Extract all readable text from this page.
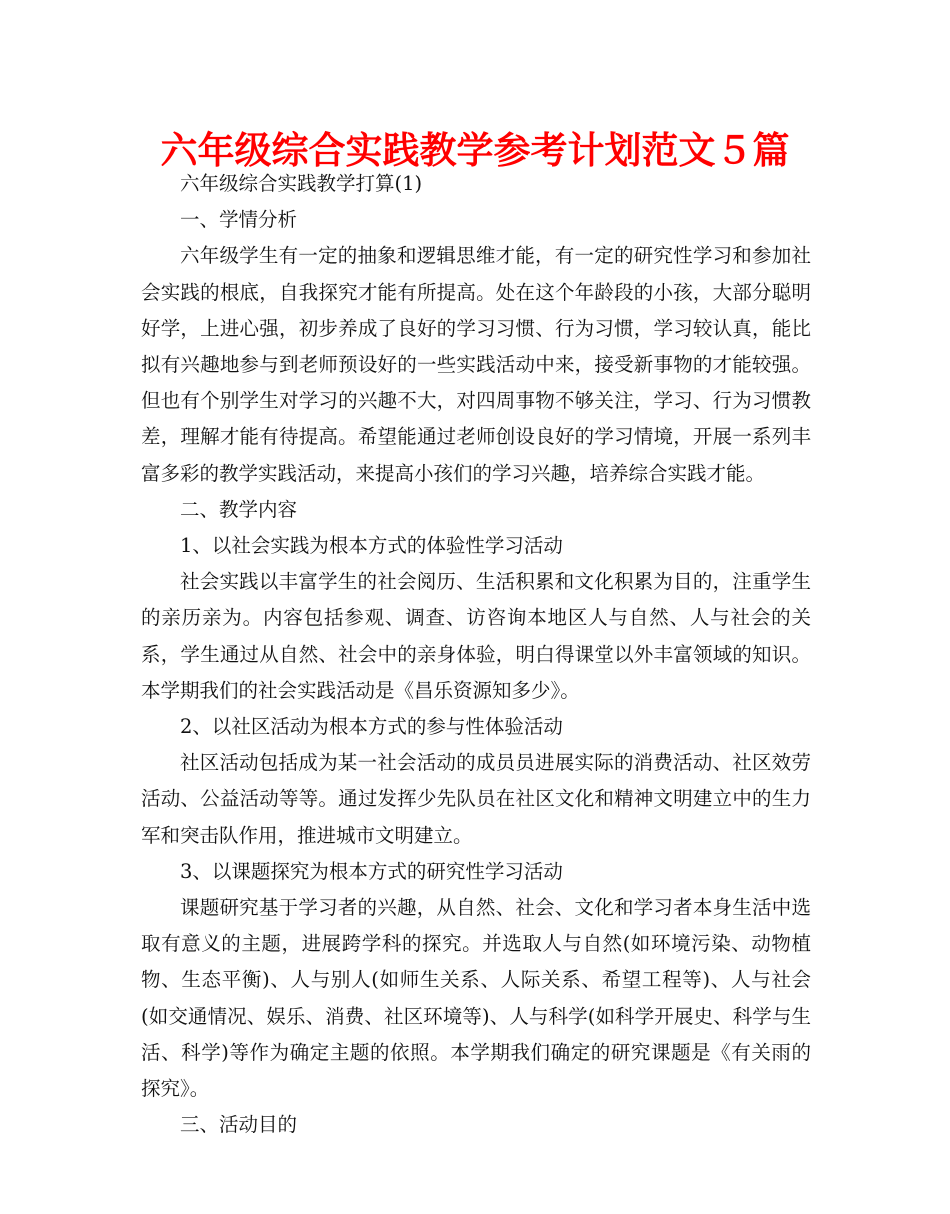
六年级综合实践教学参考计划范文５篇

六年级综合实践教学打算(1)

一、学情分析

六年级学生有一定的抽象和逻辑思维才能，有一定的研究性学习和参加社会实践的根底，自我探究才能有所提高。处在这个年龄段的小孩，大部分聪明好学，上进心强，初步养成了良好的学习习惯、行为习惯，学习较认真，能比拟有兴趣地参与到老师预设好的一些实践活动中来，接受新事物的才能较强。但也有个别学生对学习的兴趣不大，对四周事物不够关注，学习、行为习惯教差，理解才能有待提高。希望能通过老师创设良好的学习情境，开展一系列丰富多彩的教学实践活动，来提高小孩们的学习兴趣，培养综合实践才能。

二、教学内容

1、以社会实践为根本方式的体验性学习活动

社会实践以丰富学生的社会阅历、生活积累和文化积累为目的，注重学生的亲历亲为。内容包括参观、调查、访咨询本地区人与自然、人与社会的关系，学生通过从自然、社会中的亲身体验，明白得课堂以外丰富领域的知识。本学期我们的社会实践活动是《昌乐资源知多少》。

2、以社区活动为根本方式的参与性体验活动

社区活动包括成为某一社会活动的成员员进展实际的消费活动、社区效劳活动、公益活动等等。通过发挥少先队员在社区文化和精神文明建立中的生力军和突击队作用，推进城市文明建立。

3、以课题探究为根本方式的研究性学习活动

课题研究基于学习者的兴趣，从自然、社会、文化和学习者本身生活中选取有意义的主题，进展跨学科的探究。并选取人与自然(如环境污染、动物植物、生态平衡)、人与别人(如师生关系、人际关系、希望工程等)、人与社会(如交通情况、娱乐、消费、社区环境等)、人与科学(如科学开展史、科学与生活、科学)等作为确定主题的依照。本学期我们确定的研究课题是《有关雨的探究》。

三、活动目的
